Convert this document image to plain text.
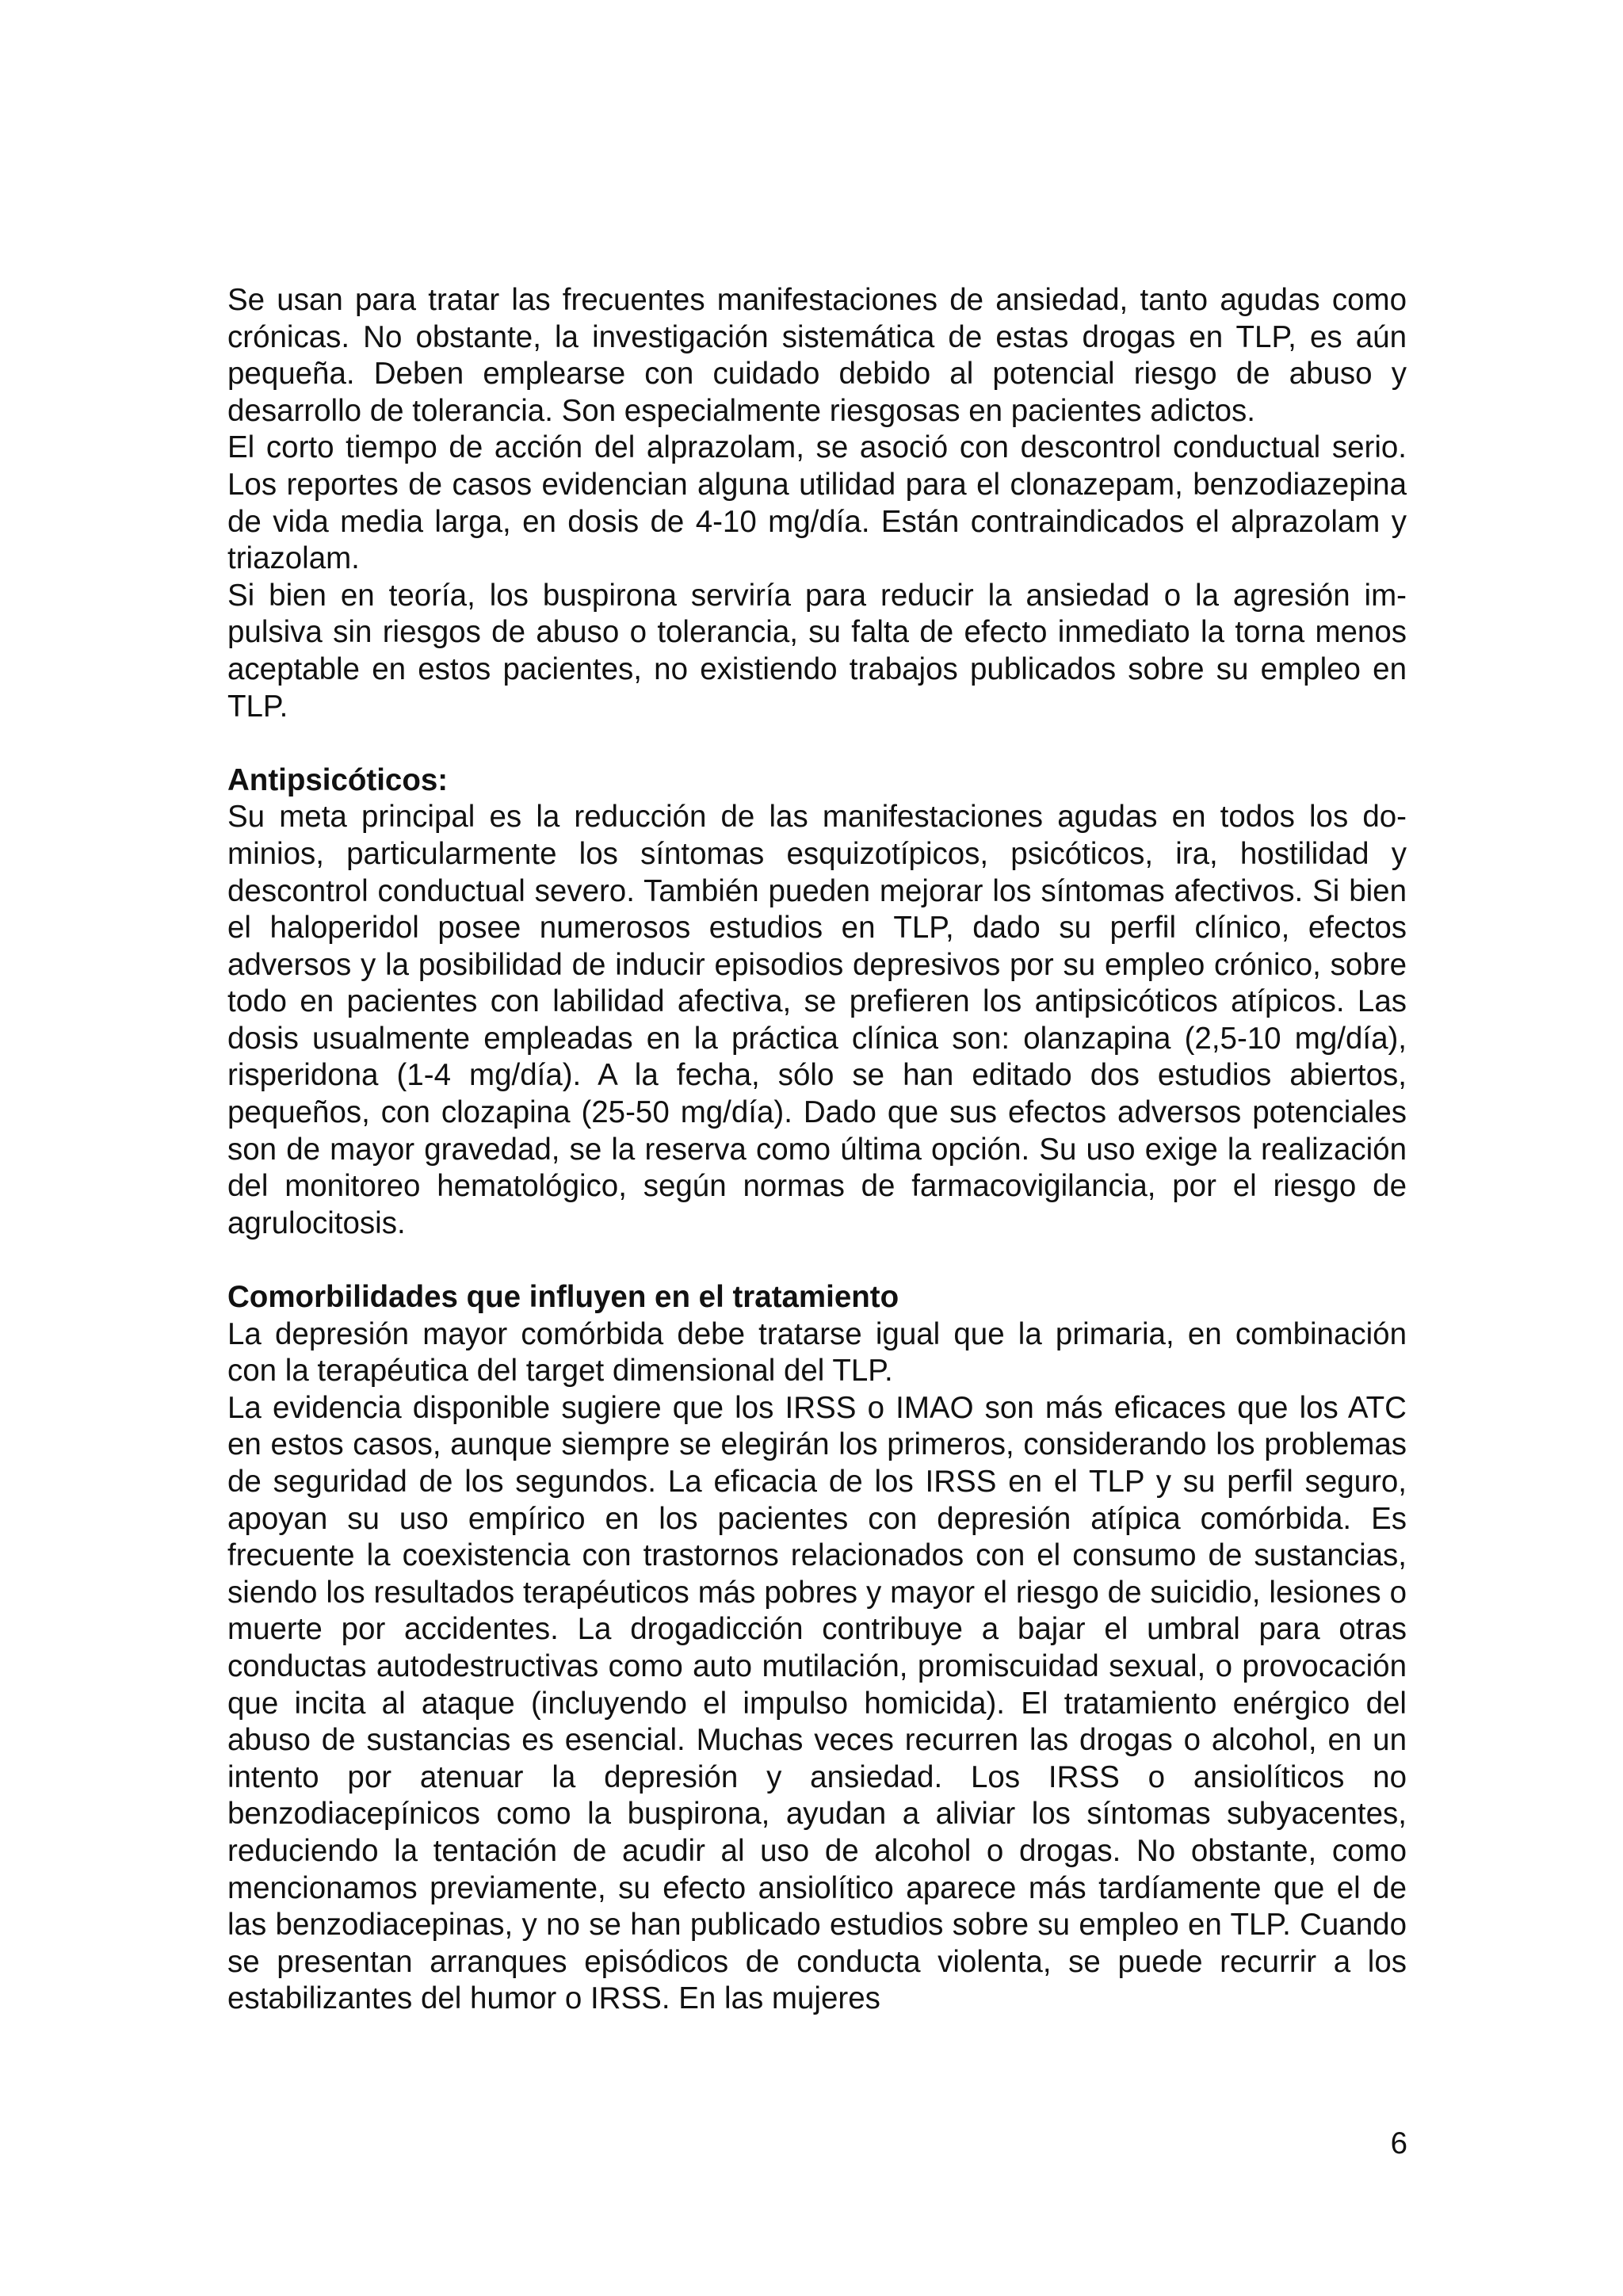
Se usan para tratar las frecuentes manifestaciones de ansiedad, tanto agudas como crónicas. No obstante, la investigación sistemática de estas drogas en TLP, es aún pequeña. Deben emplearse con cuidado debido al potencial riesgo de abuso y desarrollo de tolerancia. Son especialmente riesgosas en pacientes adictos.

El corto tiempo de acción del alprazolam, se asoció con descontrol conductual serio. Los reportes de casos evidencian alguna utilidad para el clonazepam, benzodiazepina de vida media larga, en dosis de 4-10 mg/día. Están contraindicados el alprazolam y triazolam.

Si bien en teoría, los buspirona serviría para reducir la ansiedad o la agresión impulsiva sin riesgos de abuso o tolerancia, su falta de efecto inmediato la torna menos aceptable en estos pacientes, no existiendo trabajos publicados sobre su empleo en TLP.

Antipsicóticos:

Su meta principal es la reducción de las manifestaciones agudas en todos los dominios, particularmente los síntomas esquizotípicos, psicóticos, ira, hostilidad y descontrol conductual severo. También pueden mejorar los síntomas afectivos. Si bien el haloperidol posee numerosos estudios en TLP, dado su perfil clínico, efectos adversos y la posibilidad de inducir episodios depresivos por su empleo crónico, sobre todo en pacientes con labilidad afectiva, se prefieren los antipsicóticos atípicos. Las dosis usualmente empleadas en la práctica clínica son: olanzapina (2,5-10 mg/día), risperidona (1-4 mg/día). A la fecha, sólo se han editado dos estudios abiertos, pequeños, con clozapina (25-50 mg/día). Dado que sus efectos adversos potenciales son de mayor gravedad, se la reserva como última opción. Su uso exige la realización del monitoreo hematológico, según normas de farmacovigilancia, por el riesgo de agrulocitosis.

Comorbilidades que influyen en el tratamiento

La depresión mayor comórbida debe tratarse igual que la primaria, en combinación con la terapéutica del target dimensional del TLP.

La evidencia disponible sugiere que los IRSS o IMAO son más eficaces que los ATC en estos casos, aunque siempre se elegirán los primeros, considerando los problemas de seguridad de los segundos. La eficacia de los IRSS en el TLP y su perfil seguro, apoyan su uso empírico en los pacientes con depresión atípica comórbida. Es frecuente la coexistencia con trastornos relacionados con el consumo de sustancias, siendo los resultados terapéuticos más pobres y mayor el riesgo de suicidio, lesiones o muerte por accidentes. La drogadicción contribuye a bajar el umbral para otras conductas autodestructivas como auto mutilación, promiscuidad sexual, o provocación que incita al ataque (incluyendo el impulso homicida). El tratamiento enérgico del abuso de sustancias es esencial. Muchas veces recurren las drogas o alcohol, en un intento por atenuar la depresión y ansiedad. Los IRSS o ansiolíticos no benzodiacepínicos como la buspirona, ayudan a aliviar los síntomas subyacentes, reduciendo la tentación de acudir al uso de alcohol o drogas. No obstante, como mencionamos previamente, su efecto ansiolítico aparece más tardíamente que el de las benzodiacepinas, y no se han publicado estudios sobre su empleo en TLP. Cuando se presentan arranques episódicos de conducta violenta, se puede recurrir a los estabilizantes del humor o IRSS. En las mujeres

6
